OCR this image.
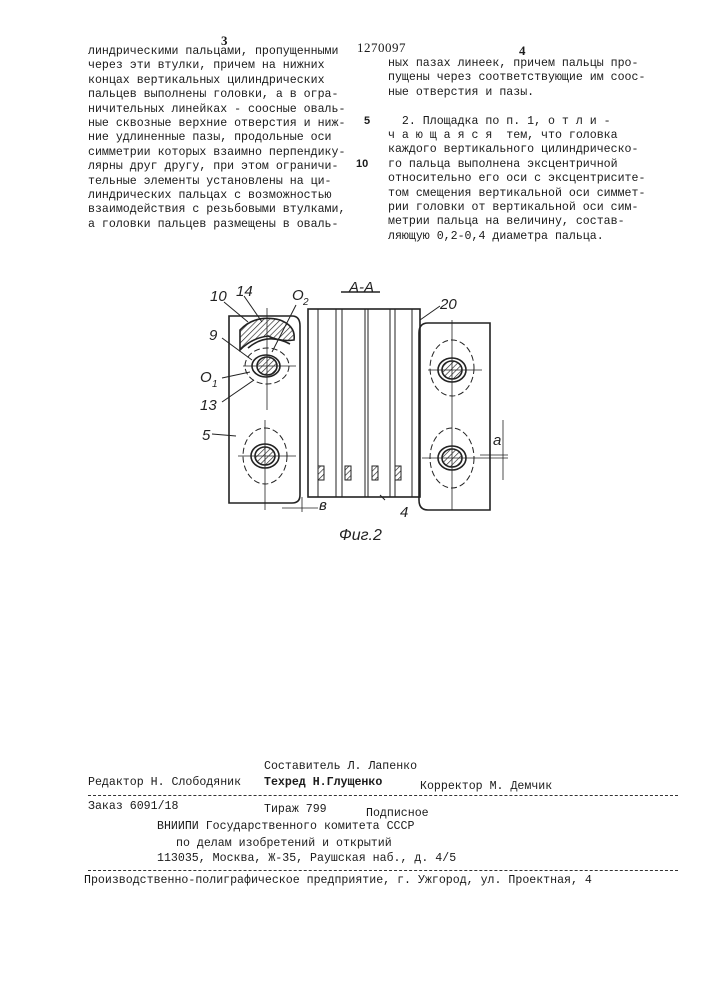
3	1270097	4
линдрическими пальцами, пропущенными
через эти втулки, причем на нижних
концах вертикальных цилиндрических
пальцев выполнены головки, а в огра-
ничительных линейках - соосные оваль-
ные сквозные верхние отверстия и ниж-
ние удлиненные пазы, продольные оси
симметрии которых взаимно перпендику-
лярны друг другу, при этом ограничи-
тельные элементы установлены на ци-
линдрических пальцах с возможностью
взаимодействия с резьбовыми втулками,
а головки пальцев размещены в оваль-
ных пазах линеек, причем пальцы про-
пущены через соответствующие им соос-
ные отверстия и пазы.

2. Площадка по п. 1, о т л и -
ч а ю щ а я с я  тем, что головка
каждого вертикального цилиндрическо-
го пальца выполнена эксцентричной
относительно его оси с эксцентрисите-
том смещения вертикальной оси симмет-
рии головки от вертикальной оси сим-
метрии пальца на величину, состав-
ляющую 0,2-0,4 диаметра пальца.
5
10
А-А
10 14	O 2
9
O 1
13
5
20
4
a
в
Фиг.2
Составитель Л. Лапенко
Редактор Н. Слободяник Техред Н.Глущенко	Корректор М. Демчик
Заказ 6091/18	Тираж 799	Подписное
ВНИИПИ Государственного комитета СССР
по делам изобретений и открытий
113035, Москва, Ж-35, Раушская наб., д. 4/5
Производственно-полиграфическое предприятие, г. Ужгород, ул. Проектная, 4
